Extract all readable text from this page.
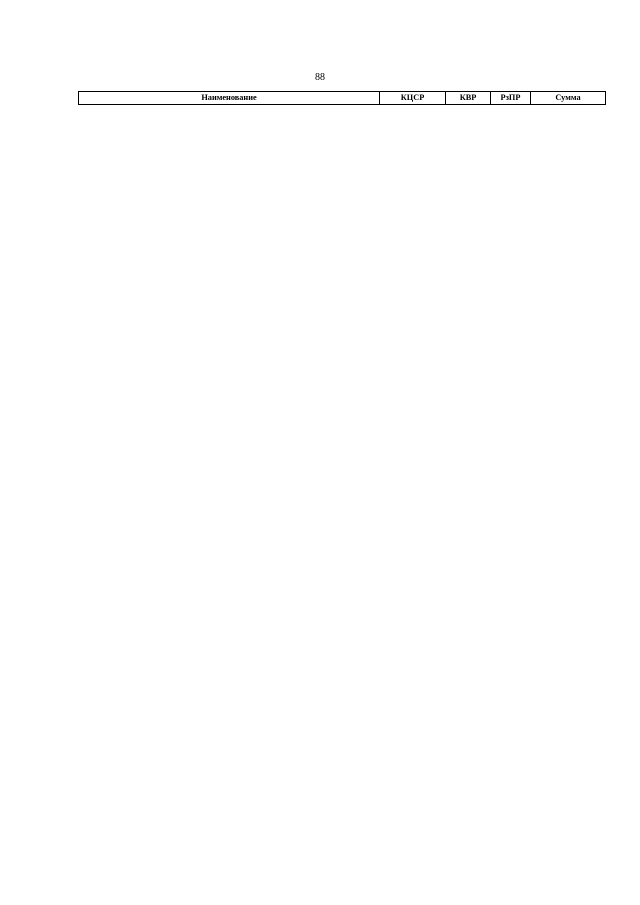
88
Наименование	КЦСР	КВР	РзПР	Сумма
